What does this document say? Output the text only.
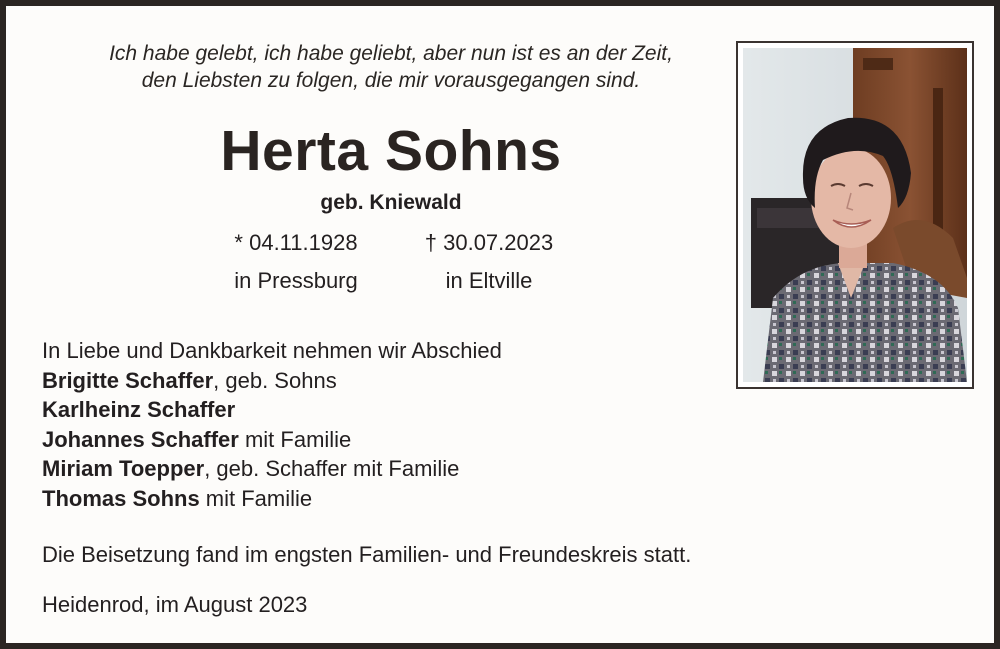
Ich habe gelebt, ich habe geliebt, aber nun ist es an der Zeit,
den Liebsten zu folgen, die mir vorausgegangen sind.
Herta Sohns
geb. Kniewald
* 04.11.1928
in Pressburg
† 30.07.2023
in Eltville
In Liebe und Dankbarkeit nehmen wir Abschied
Brigitte Schaffer, geb. Sohns
Karlheinz Schaffer
Johannes Schaffer mit Familie
Miriam Toepper, geb. Schaffer mit Familie
Thomas Sohns mit Familie
Die Beisetzung fand im engsten Familien- und Freundeskreis statt.
Heidenrod, im August 2023
